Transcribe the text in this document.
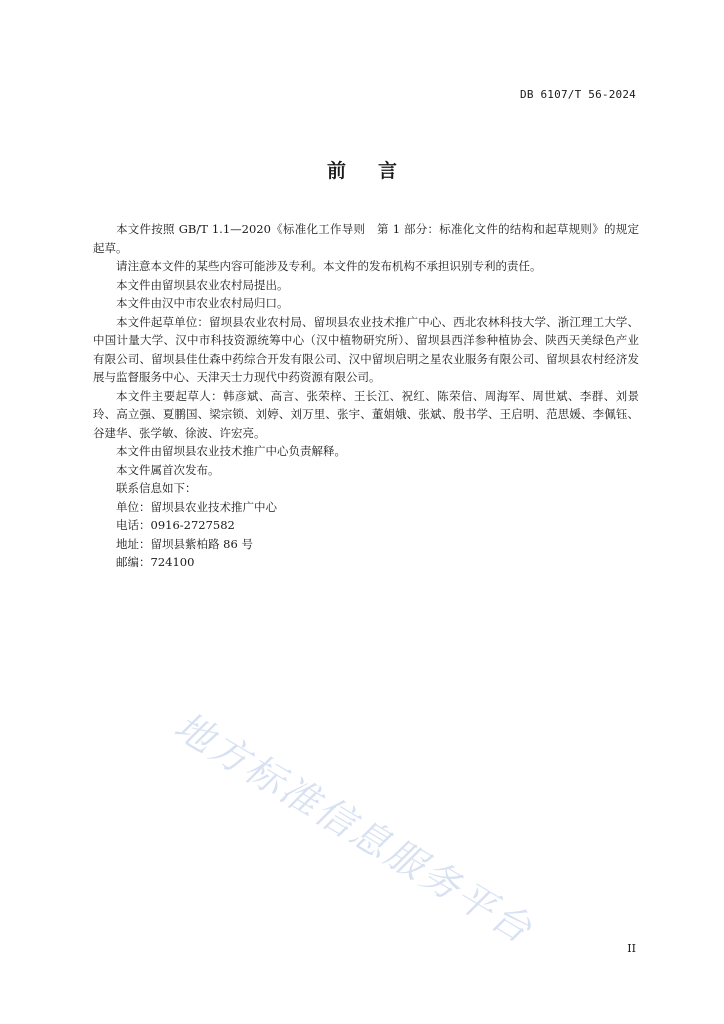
DB 6107/T 56-2024
前言

本文件按照 GB/T 1.1—2020《标准化工作导则　第 1 部分：标准化文件的结构和起草规则》的规定起草。

请注意本文件的某些内容可能涉及专利。本文件的发布机构不承担识别专利的责任。

本文件由留坝县农业农村局提出。

本文件由汉中市农业农村局归口。

本文件起草单位：留坝县农业农村局、留坝县农业技术推广中心、西北农林科技大学、浙江理工大学、中国计量大学、汉中市科技资源统筹中心（汉中植物研究所）、留坝县西洋参种植协会、陕西天美绿色产业有限公司、留坝县佳仕森中药综合开发有限公司、汉中留坝启明之星农业服务有限公司、留坝县农村经济发展与监督服务中心、天津天士力现代中药资源有限公司。

本文件主要起草人：韩彦斌、高言、张荣梓、王长江、祝红、陈荣信、周海军、周世斌、李群、刘景玲、高立强、夏鹏国、梁宗锁、刘婷、刘万里、张宇、董娟娥、张斌、殷书学、王启明、范思媛、李佩钰、谷建华、张学敏、徐波、许宏亮。

本文件由留坝县农业技术推广中心负责解释。

本文件属首次发布。

联系信息如下：

单位：留坝县农业技术推广中心

电话：0916-2727582

地址：留坝县紫柏路 86 号

邮编：724100

地方标准信息服务平台	II
